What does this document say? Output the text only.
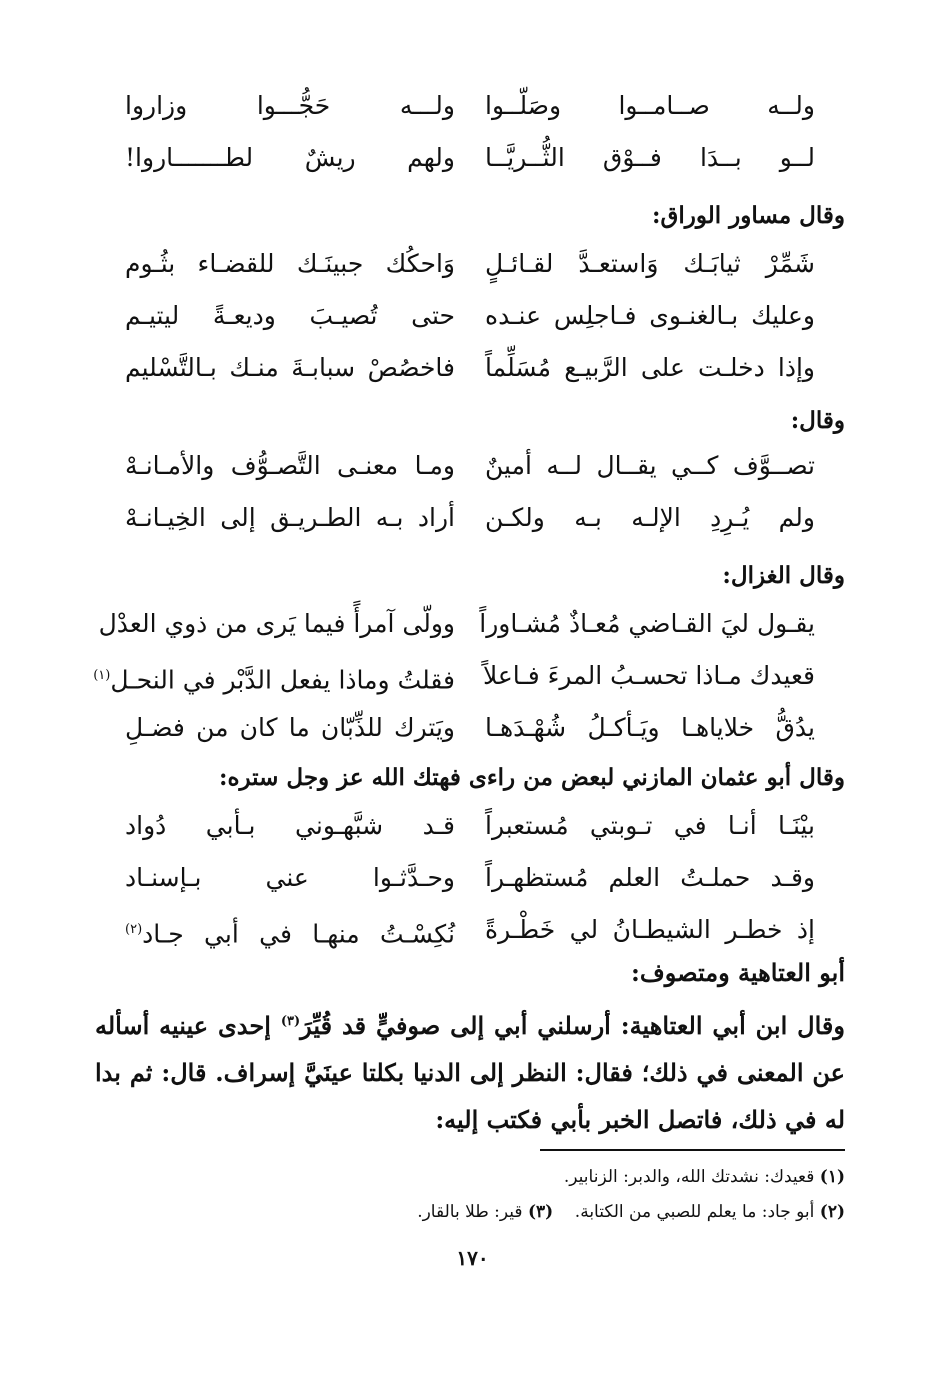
ولــه صــامــوا وصَلّــوا
ولـــه حَجُّـــوا وزاروا
لــو بــدَا فــوْق الثُّــريَّــا
ولهم ريشٌ لطـــــــاروا!
وقال مساور الوراق:
شَمِّرْ ثيابَـك وَاستعـدَّ لقـائـلٍ
وَاحكُك جبينَـك للقضـاء بثُـوم
وعليك بـالغنـوى فـاجلِس عنـده
حتى تُصيـبَ وديعـةً ليتيـم
وإذا دخلـت على الرَّبيـع مُسَلِّماً
فاخصُصْ سبابـةَ منـك بـالتَّسْليم
وقال:
تصــوَّف كــي يقــال لــه أمينٌ
ومـا معنـى التَّصـوُّف والأمـانـهْ
ولم يُـرِدِ الإلـه بـه ولكـن
أراد بـه الطـريـق إلى الخِيـانـهْ
وقال الغزال:
يقـول ليَ القـاضي مُعـاذٌ مُشـاوراً
وولّى آمرأً فيما يَرى من ذوي العدْل
قعيدك مـاذا تحسـبُ المرءَ فـاعلاً
فقلتُ وماذا يفعل الدَّبْر في النحـل$^{(١)}$
يدُقُّ خلاياهـا ويَـأكـلُ شُهْـدَهـا
ويَترك للذِّبّان ما كان من فضـلِ
وقال أبو عثمان المازني لبعض من راءى فهتك الله عز وجل ستره:
بيْنَـا أنـا في تـوبتي مُستعبراً
قـد شبَّهـوني بـأبي دُواد
وقـد حملـتُ العلم مُستظهـراً
وحـدَّثـوا عني بـإسنـاد
إذ خطـر الشيطـانُ لي خَطْـرةً
نُكِسْـتُ منهـا في أبي جـاد$^{(٢)}$
أبو العتاهية ومتصوف:
وقال ابن أبي العتاهية: أرسلني أبي إلى صوفيٍّ قد قُيِّرَ$^{(٣)}$ إحدى عينيه أسأله عن المعنى في ذلك؛ فقال: النظر إلى الدنيا بكلتا عينَيَّ إسراف. قال: ثم بدا له في ذلك، فاتصل الخبر بأبي فكتب إليه:
(١) قعيدك: نشدتك الله، والدبر: الزنابير.
(٢) أبو جاد: ما يعلم للصبي من الكتابة.    (٣) قير: طلا بالقار.
١٧٠
